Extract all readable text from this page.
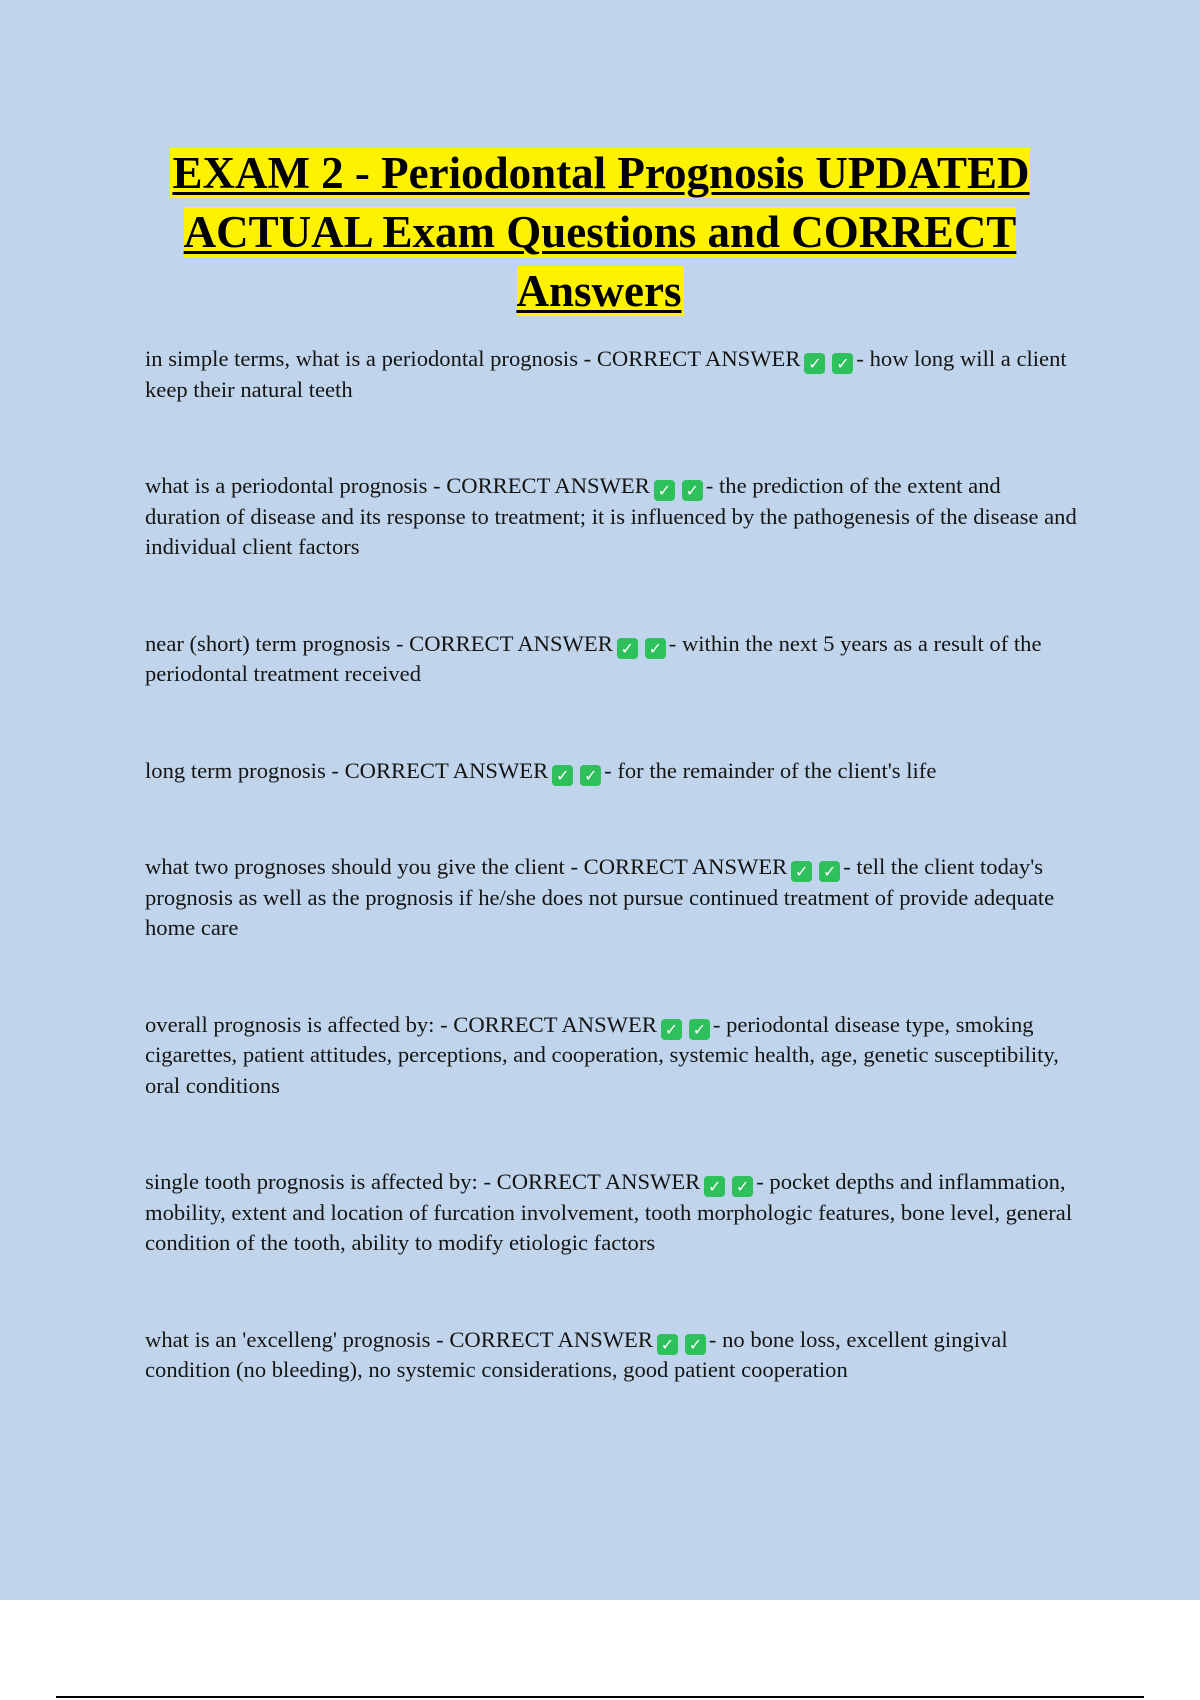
EXAM 2 - Periodontal Prognosis UPDATED ACTUAL Exam Questions and CORRECT Answers

in simple terms, what is a periodontal prognosis - CORRECT ANSWER ✓ ✓ - how long will a client keep their natural teeth

what is a periodontal prognosis - CORRECT ANSWER ✓ ✓ - the prediction of the extent and duration of disease and its response to treatment; it is influenced by the pathogenesis of the disease and individual client factors

near (short) term prognosis - CORRECT ANSWER ✓ ✓ - within the next 5 years as a result of the periodontal treatment received

long term prognosis - CORRECT ANSWER ✓ ✓ - for the remainder of the client's life

what two prognoses should you give the client - CORRECT ANSWER ✓ ✓ - tell the client today's prognosis as well as the prognosis if he/she does not pursue continued treatment of provide adequate home care

overall prognosis is affected by: - CORRECT ANSWER ✓ ✓ - periodontal disease type, smoking cigarettes, patient attitudes, perceptions, and cooperation, systemic health, age, genetic susceptibility, oral conditions

single tooth prognosis is affected by: - CORRECT ANSWER ✓ ✓ - pocket depths and inflammation, mobility, extent and location of furcation involvement, tooth morphologic features, bone level, general condition of the tooth, ability to modify etiologic factors

what is an 'excelleng' prognosis - CORRECT ANSWER ✓ ✓ - no bone loss, excellent gingival condition (no bleeding), no systemic considerations, good patient cooperation
